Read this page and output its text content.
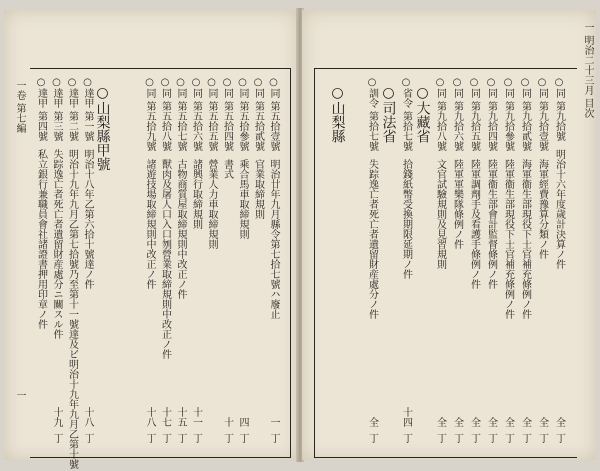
一卷 第七編
一
○同 第五拾壹號
明治廿年九月縣令第七拾七號ハ廢止
一
丁
○同 第五拾貳號
官業取締規則
○同 第五拾參號
乘合馬車取締規則
四
丁
○同 第五拾四號
書式
十
丁
○同 第五拾五號
營業人力車取締規則
○同 第五拾六號
諸興行取締規則
十一
丁
○同 第五拾七號
古物商質屋取締規則中改正ノ件
十五
丁
○同 第五拾八號
獸肉及屠人口入口刎營業取締規則中改正ノ件
十七
丁
○同 第五拾九號
諸遊技場取締規則中改正ノ件
十八
丁
○山梨縣甲號
○達甲 第一號
明治十八年乙第六拾十號達ノ件
十八
丁
○達甲 第二號
明治十九年九月乙第七拾號乃至第十一號達及ビ明治十九年九月乙第十號
○達甲 第三號
失踪逸亡者死亡者遺留財産處分ニ關スル件
十九
丁
○達甲 第四號
私立銀行兼職員會社諸證書押用印章ノ件
一 明治二十三月 目次
○同 第九拾號
明治十六年度歲計決算ノ件
全
丁
○同 第九拾壹號
海軍經費豫算分類ノ件
全
丁
○同 第九拾貳號
海軍衞生部現役下士官補充條例ノ件
全
丁
○同 第九拾參號
陸軍衞生部現役下士官補充條例ノ件
全
丁
○同 第九拾四號
陸軍衞生部會計監督條例ノ件
全
丁
○同 第九拾五號
陸軍調劑手及看護手條例ノ件
全
丁
○同 第九拾六號
陸軍軍樂隊條例ノ件
全
丁
○同 第九拾八號
文官試驗規則及見習規則
全
丁
○大藏省
○省令 第拾七號
拾錢紙幣受換期限延期ノ件
十四
丁
○司法省
○訓令 第拾七號
失踪逸亡者死亡者遺留財産處分ノ件
全
丁
○山梨縣
